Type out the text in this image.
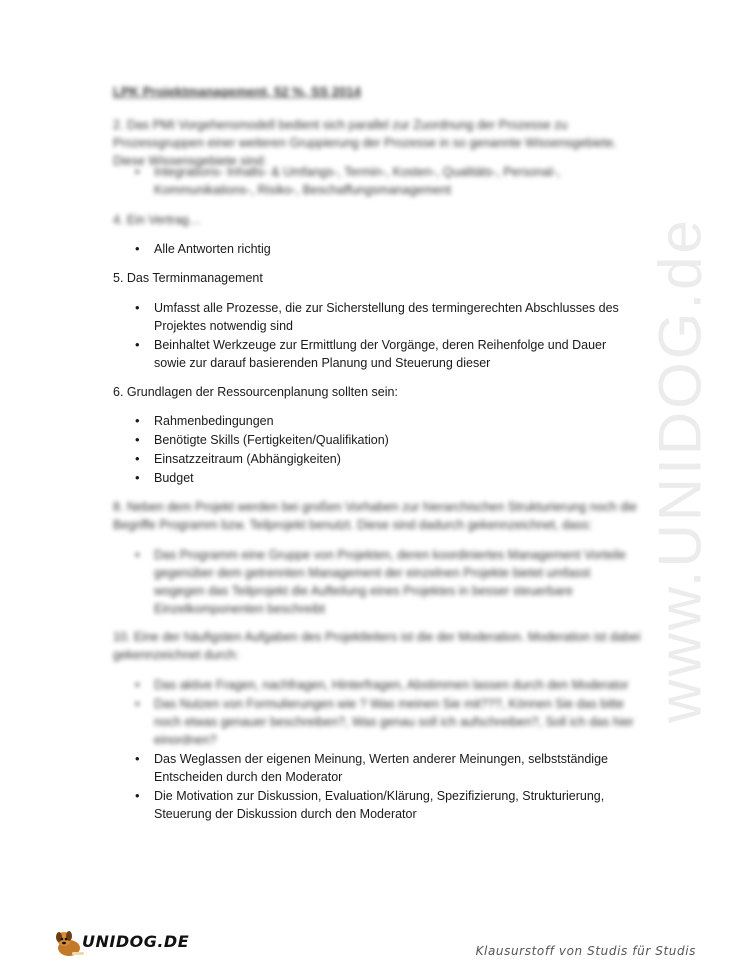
www.UNIDOG.de
LPK Projektmanagement, 52 %, SS 2014
2. Das PMI Vorgehensmodell bedient sich parallel zur Zuordnung der Prozesse zu Prozessgruppen einer weiteren Gruppierung der Prozesse in so genannte Wissensgebiete. Diese Wissensgebiete sind:
• Integrations- Inhalts- & Umfangs-, Termin-, Kosten-, Qualitäts-, Personal-, Kommunikations-, Risiko-, Beschaffungsmanagement
4. Ein Vertrag…
• Alle Antworten richtig
5. Das Terminmanagement
• Umfasst alle Prozesse, die zur Sicherstellung des termingerechten Abschlusses des Projektes notwendig sind
• Beinhaltet Werkzeuge zur Ermittlung der Vorgänge, deren Reihenfolge und Dauer sowie zur darauf basierenden Planung und Steuerung dieser
6. Grundlagen der Ressourcenplanung sollten sein:
• Rahmenbedingungen
• Benötigte Skills (Fertigkeiten/Qualifikation)
• Einsatzzeitraum (Abhängigkeiten)
• Budget
8. Neben dem Projekt werden bei großen Vorhaben zur hierarchischen Strukturierung noch die Begriffe Programm bzw. Teilprojekt benutzt. Diese sind dadurch gekennzeichnet, dass:
• Das Programm eine Gruppe von Projekten, deren koordiniertes Management Vorteile gegenüber dem getrennten Management der einzelnen Projekte bietet umfasst wogegen das Teilprojekt die Aufteilung eines Projektes in besser steuerbare Einzelkomponenten beschreibt
10. Eine der häufigsten Aufgaben des Projektleiters ist die der Moderation. Moderation ist dabei gekennzeichnet durch:
• Das aktive Fragen, nachfragen, Hinterfragen, Abstimmen lassen durch den Moderator
• Das Nutzen von Formulierungen wie ? Was meinen Sie mit???, Können Sie das bitte noch etwas genauer beschreiben?, Was genau soll ich aufschreiben?, Soll ich das hier einordnen?
• Das Weglassen der eigenen Meinung, Werten anderer Meinungen, selbstständige Entscheiden durch den Moderator
• Die Motivation zur Diskussion, Evaluation/Klärung, Spezifizierung, Strukturierung, Steuerung der Diskussion durch den Moderator
UNIDOG.DE	Klausurstoff von Studis für Studis
